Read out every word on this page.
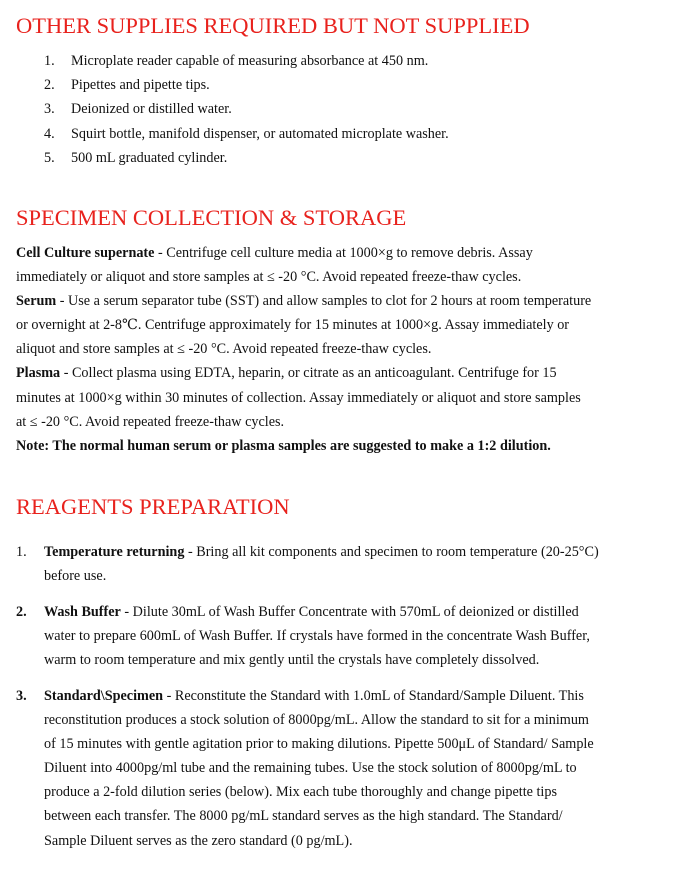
OTHER SUPPLIES REQUIRED BUT NOT SUPPLIED
1. Microplate reader capable of measuring absorbance at 450 nm.
2. Pipettes and pipette tips.
3. Deionized or distilled water.
4. Squirt bottle, manifold dispenser, or automated microplate washer.
5. 500 mL graduated cylinder.
SPECIMEN COLLECTION & STORAGE
Cell Culture supernate - Centrifuge cell culture media at 1000×g to remove debris. Assay
immediately or aliquot and store samples at ≤ -20 °C. Avoid repeated freeze-thaw cycles.
Serum - Use a serum separator tube (SST) and allow samples to clot for 2 hours at room temperature
or overnight at 2-8℃. Centrifuge approximately for 15 minutes at 1000×g. Assay immediately or
aliquot and store samples at ≤ -20 °C. Avoid repeated freeze-thaw cycles.
Plasma - Collect plasma using EDTA, heparin, or citrate as an anticoagulant. Centrifuge for 15
minutes at 1000×g within 30 minutes of collection. Assay immediately or aliquot and store samples
at ≤ -20 °C. Avoid repeated freeze-thaw cycles.
Note: The normal human serum or plasma samples are suggested to make a 1:2 dilution.
REAGENTS PREPARATION
1. Temperature returning - Bring all kit components and specimen to room temperature (20-25°C)
before use.
2. Wash Buffer - Dilute 30mL of Wash Buffer Concentrate with 570mL of deionized or distilled
water to prepare 600mL of Wash Buffer. If crystals have formed in the concentrate Wash Buffer,
warm to room temperature and mix gently until the crystals have completely dissolved.
3. Standard\Specimen - Reconstitute the Standard with 1.0mL of Standard/Sample Diluent. This
reconstitution produces a stock solution of 8000pg/mL. Allow the standard to sit for a minimum
of 15 minutes with gentle agitation prior to making dilutions. Pipette 500μL of Standard/ Sample
Diluent into 4000pg/ml tube and the remaining tubes. Use the stock solution of 8000pg/mL to
produce a 2-fold dilution series (below). Mix each tube thoroughly and change pipette tips
between each transfer. The 8000 pg/mL standard serves as the high standard. The Standard/
Sample Diluent serves as the zero standard (0 pg/mL).
